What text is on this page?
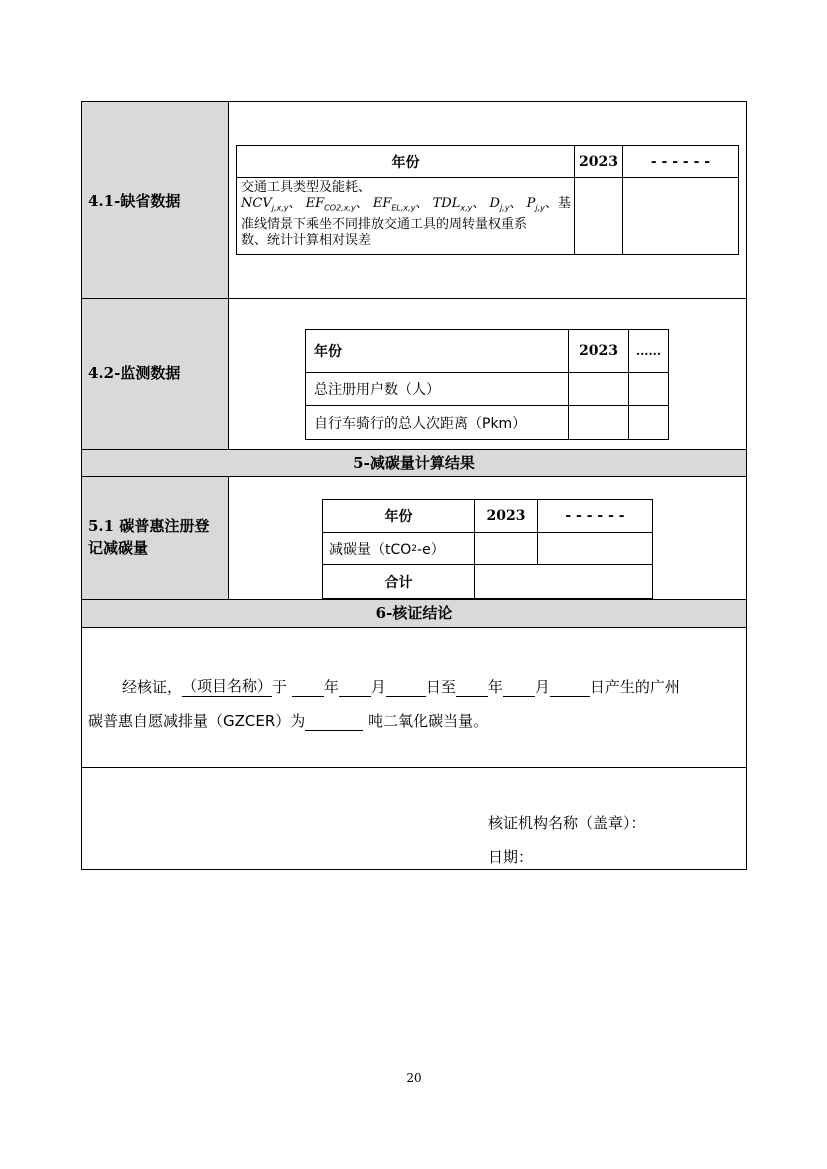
4.1-缺省数据
年份	2023	- - - - - -
交通工具类型及能耗、
$NCV_{j,x,y}$、 $EF_{CO2,x,y}$、 $EF_{EL,x,y}$、 $TDL_{x,y}$、 $D_{j,y}$、 $P_{j,y}$、基
准线情景下乘坐不同排放交通工具的周转量权重系
数、统计计算相对误差
4.2-监测数据
年份	2023	......
总注册用户数（人）
自行车骑行的总人次距离（Pkm）
5-减碳量计算结果
5.1 碳普惠注册登
记减碳量
年份	2023	- - - - - -
减碳量（tCO 2 -e）
合计
6-核证结论
经核证，（项目名称）于 年 月	日至 年 月	日产生的广州
碳普惠自愿减排量（GZCER）为	吨二氧化碳当量。
核证机构名称（盖章）：
日期：
20
